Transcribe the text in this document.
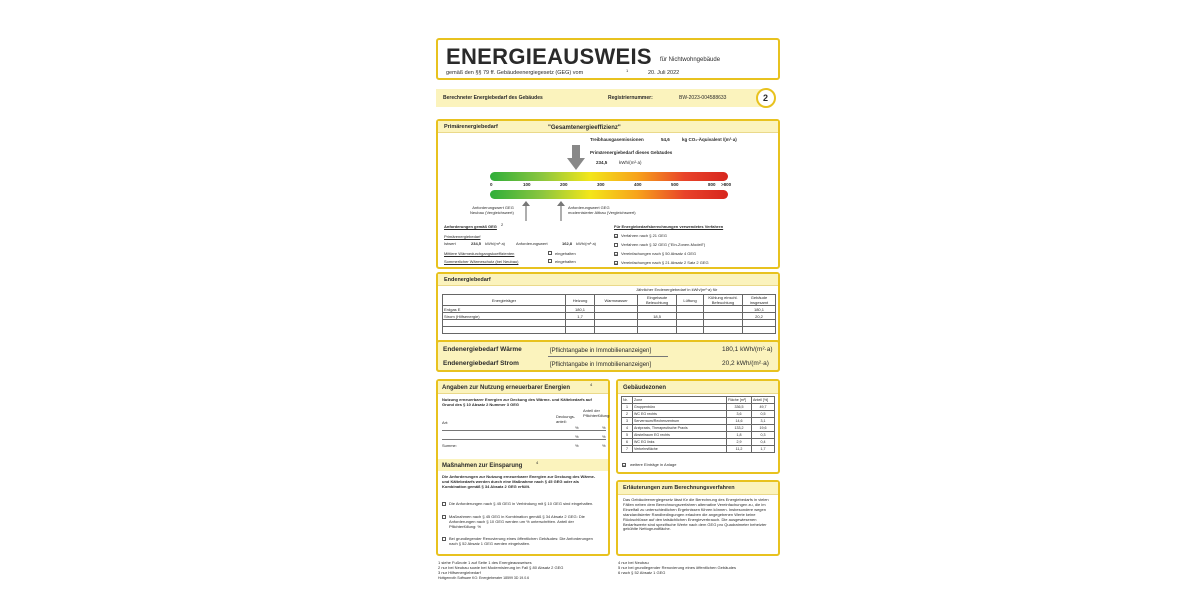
ENERGIEAUSWEIS für Nichtwohngebäude
gemäß den §§ 79 ff. Gebäudeenergiegesetz (GEG) vom	1	20. Juli 2022
Berechneter Energiebedarf des Gebäudes	Registriernummer:	BW-2023-004588633	2
Primärenergiebedarf	"Gesamtenergieeffizienz"
Treibhausgasemissionen	54,6	kg CO₂-Äquivalent /(m²·a)
Primärenergiebedarf dieses Gebäudes
234,5	kWh/(m²·a)
0	100	200	300	400	500	800 >800
Anforderungswert GEG
Neubau (Vergleichswert)
Anforderungswert GEG
modernisierter Altbau (Vergleichswert)
Anforderungen gemäß GEG 2
Primärenergiebedarf
Istwert	234,5 kWh/(m²·a)	Anforderungswert	162,8 kWh/(m²·a)
Mittlere Wärmedurchgangskoeffizienten	eingehalten
Sommerlicher Wärmeschutz (bei Neubau)	eingehalten
Für Energiebedarfsberechnungen verwendetes Verfahren
x Verfahren nach § 21 GEG
Verfahren nach § 32 GEG ("Ein-Zonen-Modell")
x Vereinfachungen nach § 50 Absatz 4 GEG
x Vereinfachungen nach § 21 Absatz 2 Satz 2 GEG
Endenergiebedarf
Jährlicher Endenergiebedarf in kWh/(m²·a) für
Energieträger	Heizung	Warmwasser	Eingebaute Beleuchtung	Lüftung	Kühlung einschl. Befeuchtung	Gebäude insgesamt
Erdgas E	180,1					180,1
Strom (Hilfsenergie)	1,7		18,5			20,2

Endenergiebedarf Wärme	[Pflichtangabe in Immobilienanzeigen]	180,1 kWh/(m²·a)
Endenergiebedarf Strom	[Pflichtangabe in Immobilienanzeigen]	20,2 kWh/(m²·a)
Angaben zur Nutzung erneuerbarer Energien
4
Nutzung erneuerbarer Energien zur Deckung des Wärme- und Kältebedarfs auf Grund des § 10 Absatz 2 Nummer 3 GEG
Art:
Deckungs-anteil:
Anteil der Pflichterfüllung:
%	%
%	%
Summe:	%	%
Maßnahmen zur Einsparung
4
Die Anforderungen zur Nutzung erneuerbarer Energien zur Deckung des Wärme- und Kältebedarfs werden durch eine Maßnahme nach § 45 GEG oder als Kombination gemäß § 34 Absatz 2 GEG erfüllt.
Die Anforderungen nach § 45 GEG in Verbindung mit § 10 GEG sind eingehalten.
Maßnahmen nach § 45 GEG in Kombination gemäß § 34 Absatz 2 GEG: Die Anforderungen nach § 10 GEG werden um % unterschritten. Anteil der Pflichterfüllung: %
Bei grundlegender Renovierung eines öffentlichen Gebäudes: Die Anforderungen nach § 52 Absatz 1 GEG werden eingehalten.
Gebäudezonen
Nr.	Zone	Fläche [m²]	Anteil [%]
1	Gruppenbüro	336,5	49,7
2	WC EG rechts	3,6	0,5
3	Serverraum/Rechenzentrum	14,6	3,1
4	Arztpraxis, Therapeutische Praxis	133,2	19,6
5	Abstellraum EG rechts	1,8	0,3
6	WC EG links	2,9	0,4
7	Verkehrsfläche	11,2	1,7
x weitere Einträge in Anlage
Erläuterungen zum Berechnungsverfahren
Das Gebäudeenergiegesetz lässt für die Berechnung des Energiebedarfs in vielen Fällen neben dem Berechnungsverfahren alternative Vereinfachungen zu, die im Einzelfall zu unterschiedlichen Ergebnissen führen können. Insbesondere wegen standardisierter Randbedingungen erlauben die angegebenen Werte keine Rückschlüsse auf den tatsächlichen Energieverbrauch. Die ausgewiesenen Bedarfswerte sind spezifische Werte nach dem GEG pro Quadratmeter beheizter gekühlte Nettogrundfläche.
1 siehe Fußnote 1 auf Seite 1 des Energieausweises
2 nur bei Neubau sowie bei Modernisierung im Fall § 80 Absatz 2 GEG
3 nur Hilfsenergiebedarf
Hottgenroth Software KG: Energieberater 18599 3D 19.0.6
4 nur bei Neubau
5 nur bei grundlegender Renovierung eines öffentlichen Gebäudes
6 nach § 52 Absatz 1 GEG
